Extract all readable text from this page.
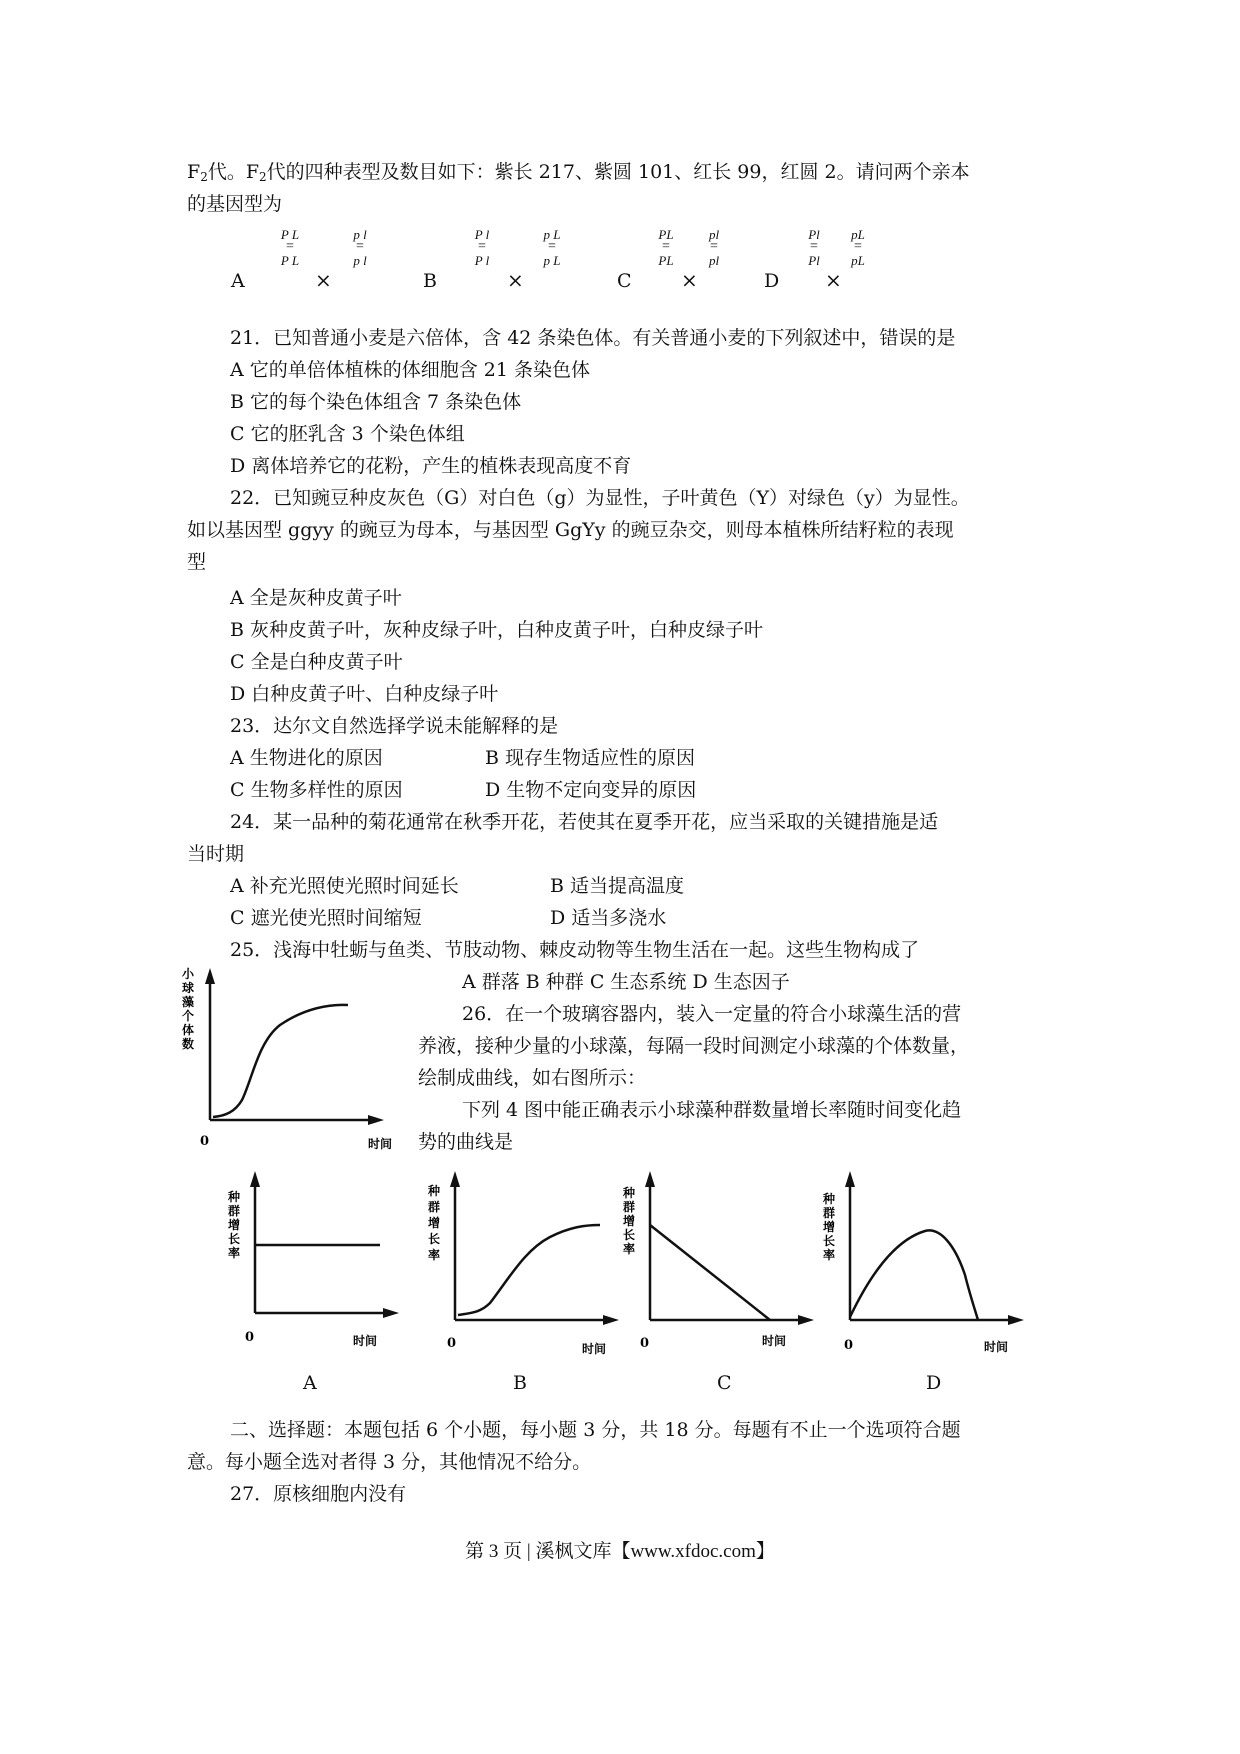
$F_2$代。$F_2$代的四种表型及数目如下：紫长 217、紫圆 101、红长 99，红圆 2。请问两个亲本
的基因型为
A
P L
=
P L
×
p l
=
p l
B
P l
=
P l
×
p L
=
p L
C
PL
=
PL
×
pl
=
pl
D
Pl
=
Pl
×
pL
=
pL
21．已知普通小麦是六倍体，含 42 条染色体。有关普通小麦的下列叙述中，错误的是
A 它的单倍体植株的体细胞含 21 条染色体
B 它的每个染色体组含 7 条染色体
C 它的胚乳含 3 个染色体组
D 离体培养它的花粉，产生的植株表现高度不育
22．已知豌豆种皮灰色（G）对白色（g）为显性，子叶黄色（Y）对绿色（y）为显性。
如以基因型 ggyy 的豌豆为母本，与基因型 GgYy 的豌豆杂交，则母本植株所结籽粒的表现
型
A 全是灰种皮黄子叶
B 灰种皮黄子叶，灰种皮绿子叶，白种皮黄子叶，白种皮绿子叶
C 全是白种皮黄子叶
D 白种皮黄子叶、白种皮绿子叶
23．达尔文自然选择学说未能解释的是
A 生物进化的原因	B 现存生物适应性的原因
C 生物多样性的原因	D 生物不定向变异的原因
24．某一品种的菊花通常在秋季开花，若使其在夏季开花，应当采取的关键措施是适
当时期
A 补充光照使光照时间延长	B 适当提高温度
C 遮光使光照时间缩短	D 适当多浇水
25．浅海中牡蛎与鱼类、节肢动物、棘皮动物等生物生活在一起。这些生物构成了
A 群落 B 种群 C 生态系统 D 生态因子
26．在一个玻璃容器内，装入一定量的符合小球藻生活的营
养液，接种少量的小球藻，每隔一段时间测定小球藻的个体数量，
绘制成曲线，如右图所示：
下列 4 图中能正确表示小球藻种群数量增长率随时间变化趋
势的曲线是
小
球
藻
个
体
数
0	时间
种
群
增
长
率
0	时间
A
种
群
增
长
率
0	时间
B
种
群
增
长
率
0	时间
C
种
群
增
长
率
0	时间
D
二、选择题：本题包括 6 个小题，每小题 3 分，共 18 分。每题有不止一个选项符合题
意。每小题全选对者得 3 分，其他情况不给分。
27．原核细胞内没有
第 3 页 | 溪枫文库【www.xfdoc.com】
